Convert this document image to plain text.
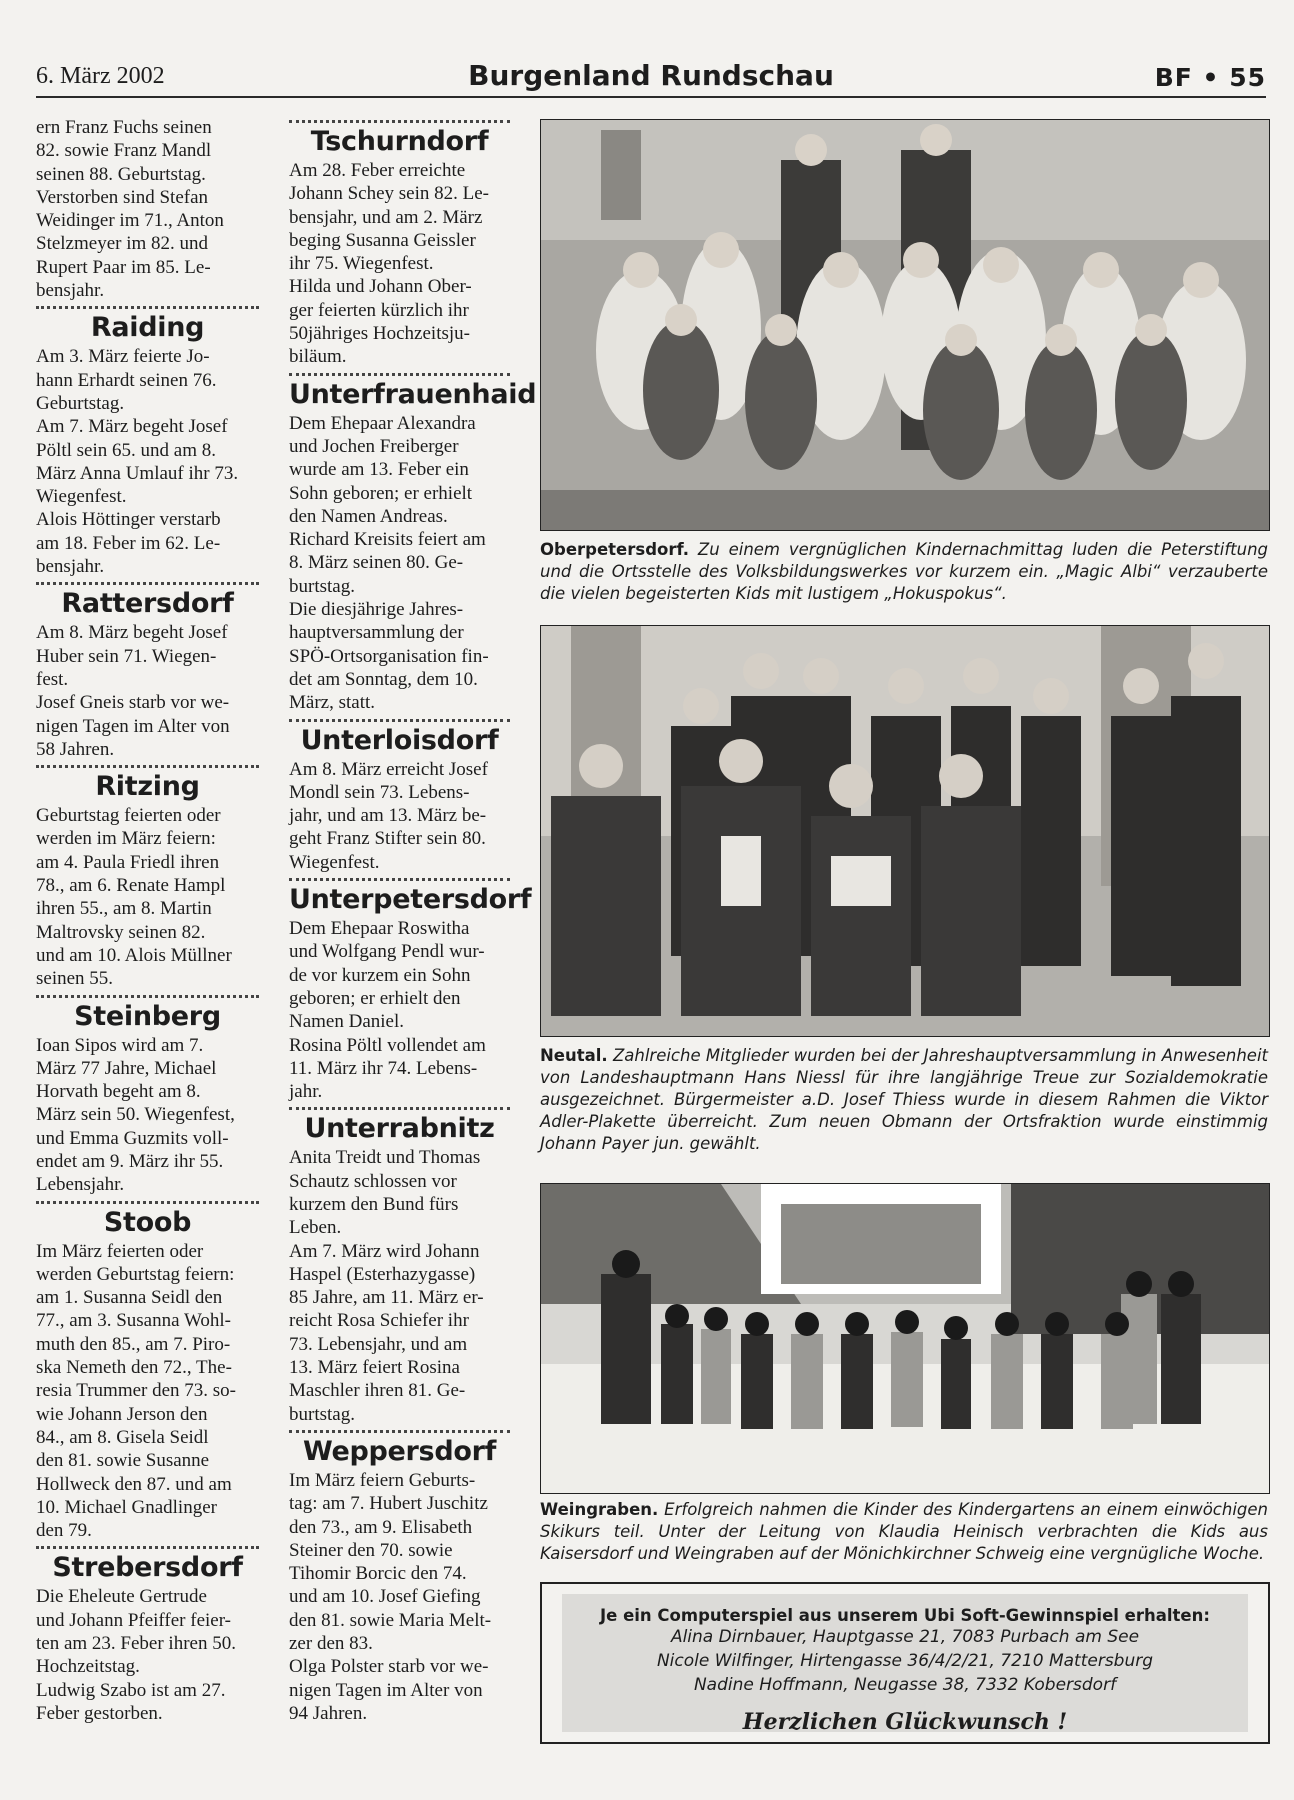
6. März 2002	Burgenland Rundschau	BF • 55
ern Franz Fuchs seinen
82. sowie Franz Mandl
seinen 88. Geburtstag.
Verstorben sind Stefan
Weidinger im 71., Anton
Stelzmeyer im 82. und
Rupert Paar im 85. Le-
bensjahr.
Raiding
Am 3. März feierte Jo-
hann Erhardt seinen 76.
Geburtstag.
Am 7. März begeht Josef
Pöltl sein 65. und am 8.
März Anna Umlauf ihr 73.
Wiegenfest.
Alois Höttinger verstarb
am 18. Feber im 62. Le-
bensjahr.
Rattersdorf
Am 8. März begeht Josef
Huber sein 71. Wiegen-
fest.
Josef Gneis starb vor we-
nigen Tagen im Alter von
58 Jahren.
Ritzing
Geburtstag feierten oder
werden im März feiern:
am 4. Paula Friedl ihren
78., am 6. Renate Hampl
ihren 55., am 8. Martin
Maltrovsky seinen 82.
und am 10. Alois Müllner
seinen 55.
Steinberg
Ioan Sipos wird am 7.
März 77 Jahre, Michael
Horvath begeht am 8.
März sein 50. Wiegenfest,
und Emma Guzmits voll-
endet am 9. März ihr 55.
Lebensjahr.
Stoob
Im März feierten oder
werden Geburtstag feiern:
am 1. Susanna Seidl den
77., am 3. Susanna Wohl-
muth den 85., am 7. Piro-
ska Nemeth den 72., The-
resia Trummer den 73. so-
wie Johann Jerson den
84., am 8. Gisela Seidl
den 81. sowie Susanne
Hollweck den 87. und am
10. Michael Gnadlinger
den 79.
Strebersdorf
Die Eheleute Gertrude
und Johann Pfeiffer feier-
ten am 23. Feber ihren 50.
Hochzeitstag.
Ludwig Szabo ist am 27.
Feber gestorben.
Tschurndorf
Am 28. Feber erreichte
Johann Schey sein 82. Le-
bensjahr, und am 2. März
beging Susanna Geissler
ihr 75. Wiegenfest.
Hilda und Johann Ober-
ger feierten kürzlich ihr
50jähriges Hochzeitsju-
biläum.
Unterfrauenhaid
Dem Ehepaar Alexandra
und Jochen Freiberger
wurde am 13. Feber ein
Sohn geboren; er erhielt
den Namen Andreas.
Richard Kreisits feiert am
8. März seinen 80. Ge-
burtstag.
Die diesjährige Jahres-
hauptversammlung der
SPÖ-Ortsorganisation fin-
det am Sonntag, dem 10.
März, statt.
Unterloisdorf
Am 8. März erreicht Josef
Mondl sein 73. Lebens-
jahr, und am 13. März be-
geht Franz Stifter sein 80.
Wiegenfest.
Unterpetersdorf
Dem Ehepaar Roswitha
und Wolfgang Pendl wur-
de vor kurzem ein Sohn
geboren; er erhielt den
Namen Daniel.
Rosina Pöltl vollendet am
11. März ihr 74. Lebens-
jahr.
Unterrabnitz
Anita Treidt und Thomas
Schautz schlossen vor
kurzem den Bund fürs
Leben.
Am 7. März wird Johann
Haspel (Esterhazygasse)
85 Jahre, am 11. März er-
reicht Rosa Schiefer ihr
73. Lebensjahr, und am
13. März feiert Rosina
Maschler ihren 81. Ge-
burtstag.
Weppersdorf
Im März feiern Geburts-
tag: am 7. Hubert Juschitz
den 73., am 9. Elisabeth
Steiner den 70. sowie
Tihomir Borcic den 74.
und am 10. Josef Giefing
den 81. sowie Maria Melt-
zer den 83.
Olga Polster starb vor we-
nigen Tagen im Alter von
94 Jahren.
Oberpetersdorf. Zu einem vergnüglichen Kindernachmittag luden die Peterstiftung und die Ortsstelle des Volksbildungswerkes vor kurzem ein. „Magic Albi“ verzauberte die vielen begeisterten Kids mit lustigem „Hokuspokus“.
Neutal. Zahlreiche Mitglieder wurden bei der Jahreshauptversammlung in Anwesenheit von Landeshauptmann Hans Niessl für ihre langjährige Treue zur Sozialdemokratie ausgezeichnet. Bürgermeister a.D. Josef Thiess wurde in diesem Rahmen die Viktor Adler-Plakette überreicht. Zum neuen Obmann der Ortsfraktion wurde einstimmig Johann Payer jun. gewählt.
Weingraben. Erfolgreich nahmen die Kinder des Kindergartens an einem einwöchigen Skikurs teil. Unter der Leitung von Klaudia Heinisch verbrachten die Kids aus Kaisersdorf und Weingraben auf der Mönichkirchner Schweig eine vergnügliche Woche.
Je ein Computerspiel aus unserem Ubi Soft-Gewinnspiel erhalten:
Alina Dirnbauer, Hauptgasse 21, 7083 Purbach am See
Nicole Wilfinger, Hirtengasse 36/4/2/21, 7210 Mattersburg
Nadine Hoffmann, Neugasse 38, 7332 Kobersdorf
Herzlichen Glückwunsch !
